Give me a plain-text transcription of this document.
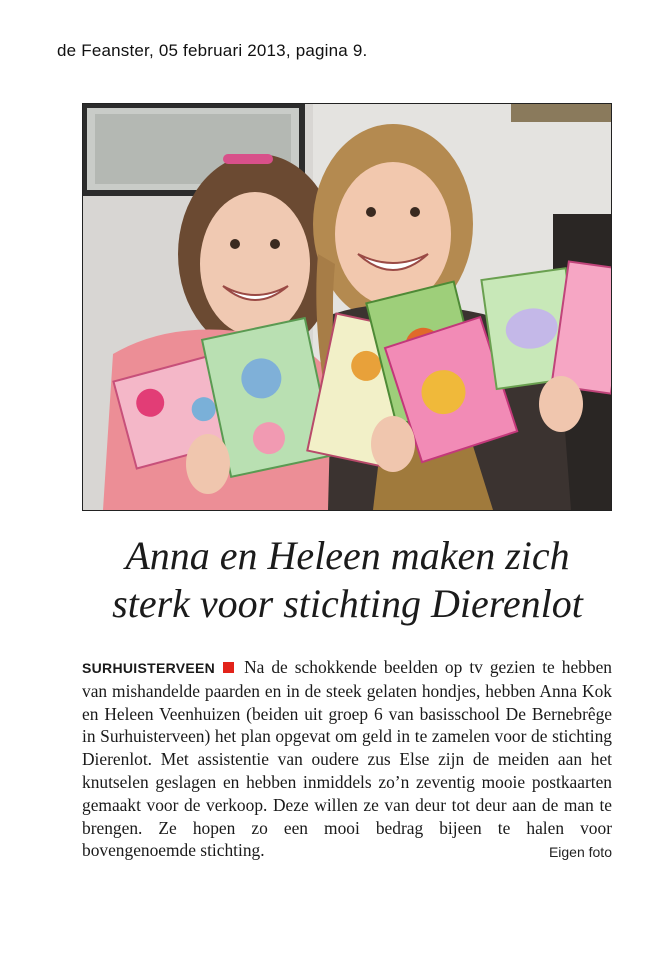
de Feanster, 05 februari 2013, pagina 9.
Anna en Heleen maken zich
sterk voor stichting Dierenlot
SURHUISTERVEEN Na de schokkende beelden op tv gezien te hebben van mishandelde paarden en in de steek gelaten hondjes, hebben Anna Kok en Heleen Veenhuizen (beiden uit groep 6 van basisschool De Bernebrêge in Surhuisterveen) het plan opgevat om geld in te zamelen voor de stichting Dierenlot. Met assistentie van oudere zus Else zijn de meiden aan het knutselen geslagen en hebben inmiddels zo’n zeventig mooie postkaarten gemaakt voor de verkoop. Deze willen ze van deur tot deur aan de man te brengen. Ze hopen zo een mooi bedrag bijeen te halen voor bovengenoemde stichting.	Eigen foto
